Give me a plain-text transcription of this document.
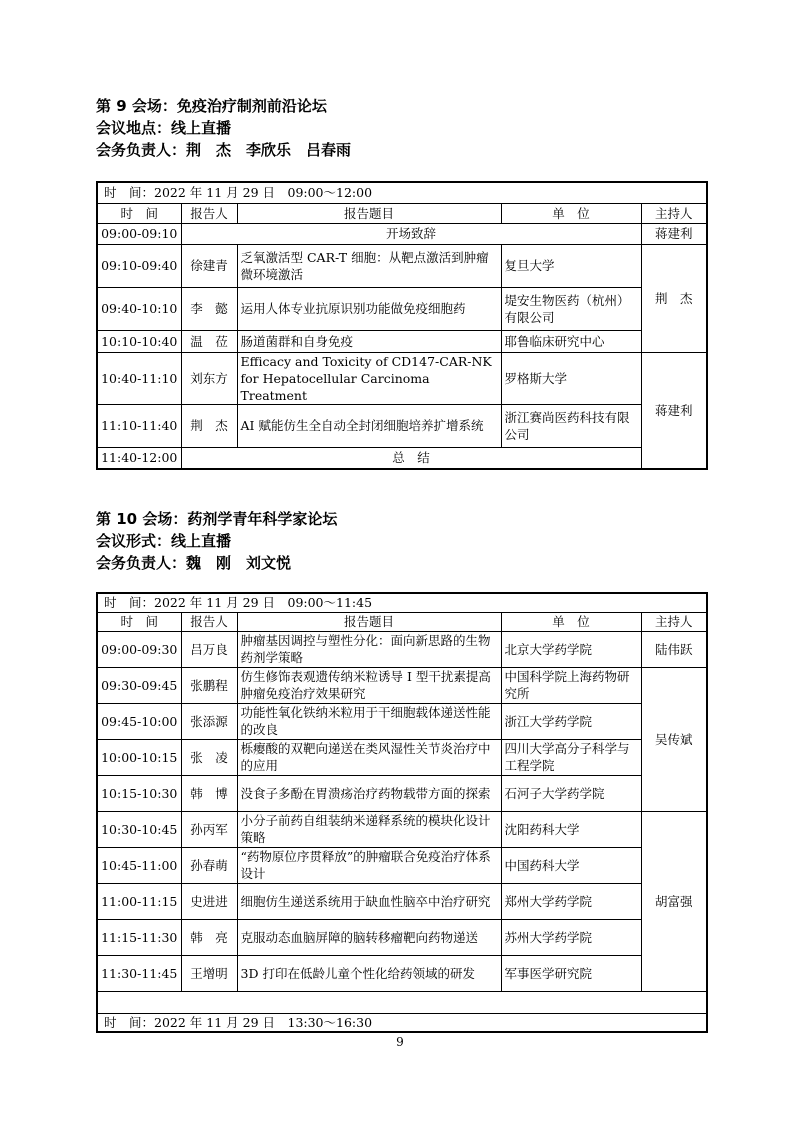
第 9 会场：免疫治疗制剂前沿论坛
会议地点：线上直播
会务负责人：荆　杰　李欣乐　吕春雨
时　间：2022 年 11 月 29 日　09:00～12:00				
时　间	报告人	报告题目	单　位	主持人
09:00-09:10	开场致辞			蒋建利
09:10-09:40	徐建青	乏氧激活型 CAR-T 细胞：从靶点激活到肿瘤微环境激活	复旦大学	荆　杰
09:40-10:10	李　懿	运用人体专业抗原识别功能做免疫细胞药	堤安生物医药（杭州）有限公司	
10:10-10:40	温　莅	肠道菌群和自身免疫	耶鲁临床研究中心	
10:40-11:10	刘东方	Efficacy and Toxicity of CD147-CAR-NK for Hepatocellular Carcinoma Treatment	罗格斯大学	蒋建利
11:10-11:40	荆　杰	AI 赋能仿生全自动全封闭细胞培养扩增系统	浙江赛尚医药科技有限公司	
11:40-12:00	总　结			
第 10 会场：药剂学青年科学家论坛
会议形式：线上直播
会务负责人：魏　刚　刘文悦
时　间：2022 年 11 月 29 日　09:00～11:45				
时　间	报告人	报告题目	单　位	主持人
09:00-09:30	吕万良	肿瘤基因调控与塑性分化：面向新思路的生物药剂学策略	北京大学药学院	陆伟跃
09:30-09:45	张鹏程	仿生修饰表观遗传纳米粒诱导 I 型干扰素提高肿瘤免疫治疗效果研究	中国科学院上海药物研究所	吴传斌
09:45-10:00	张添源	功能性氧化铁纳米粒用于干细胞载体递送性能的改良	浙江大学药学院	
10:00-10:15	张　凌	栎瘿酸的双靶向递送在类风湿性关节炎治疗中的应用	四川大学高分子科学与工程学院	
10:15-10:30	韩　博	没食子多酚在胃溃疡治疗药物载带方面的探索	石河子大学药学院	
10:30-10:45	孙丙军	小分子前药自组装纳米递释系统的模块化设计策略	沈阳药科大学	胡富强
10:45-11:00	孙春萌	“药物原位序贯释放”的肿瘤联合免疫治疗体系设计	中国药科大学	
11:00-11:15	史进进	细胞仿生递送系统用于缺血性脑卒中治疗研究	郑州大学药学院	
11:15-11:30	韩　亮	克服动态血脑屏障的脑转移瘤靶向药物递送	苏州大学药学院	
11:30-11:45	王增明	3D 打印在低龄儿童个性化给药领域的研发	军事医学研究院	

时　间：2022 年 11 月 29 日　13:30～16:30				
9
